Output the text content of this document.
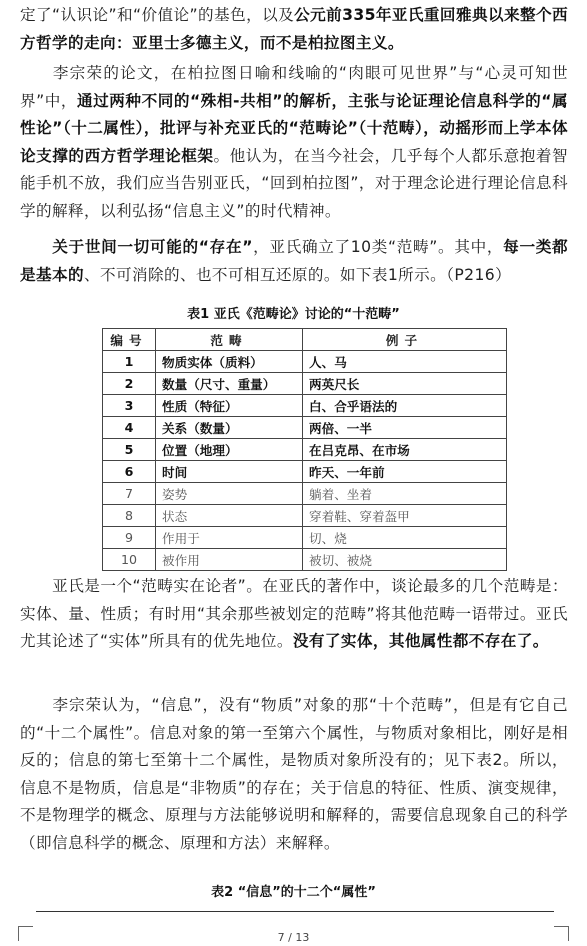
定了“认识论”和“价值论”的基色，以及公元前335年亚氏重回雅典以来整个西方哲学的走向：亚里士多德主义，而不是柏拉图主义。

  李宗荣的论文，在柏拉图日喻和线喻的“肉眼可见世界”与“心灵可知世界”中，通过两种不同的“殊相-共相”的解析，主张与论证理论信息科学的“属性论”（十二属性），批评与补充亚氏的“范畴论”（十范畴），动摇形而上学本体论支撑的西方哲学理论框架。他认为，在当今社会，几乎每个人都乐意抱着智能手机不放，我们应当告别亚氏，“回到柏拉图”，对于理念论进行理论信息科学的解释，以利弘扬“信息主义”的时代精神。

  关于世间一切可能的“存在”，亚氏确立了10类“范畴”。其中，每一类都是基本的、不可消除的、也不可相互还原的。如下表1所示。（P216）

表1 亚氏《范畴论》讨论的“十范畴”
编号	范畴	例子
1	物质实体（质料）	人、马
2	数量（尺寸、重量）	两英尺长
3	性质（特征）	白、合乎语法的
4	关系（数量）	两倍、一半
5	位置（地理）	在吕克昂、在市场
6	时间	昨天、一年前
7	姿势	躺着、坐着
8	状态	穿着鞋、穿着盔甲
9	作用于	切、烧
10	被作用	被切、被烧

  亚氏是一个“范畴实在论者”。在亚氏的著作中，谈论最多的几个范畴是：实体、量、性质；有时用“其余那些被划定的范畴”将其他范畴一语带过。亚氏尤其论述了“实体”所具有的优先地位。没有了实体，其他属性都不存在了。

  李宗荣认为，“信息”，没有“物质”对象的那“十个范畴”，但是有它自己的“十二个属性”。信息对象的第一至第六个属性，与物质对象相比，刚好是相反的；信息的第七至第十二个属性，是物质对象所没有的；见下表2。所以，信息不是物质，信息是“非物质”的存在；关于信息的特征、性质、演变规律，不是物理学的概念、原理与方法能够说明和解释的，需要信息现象自己的科学（即信息科学的概念、原理和方法）来解释。

表2 “信息”的十二个“属性”
7 / 13
